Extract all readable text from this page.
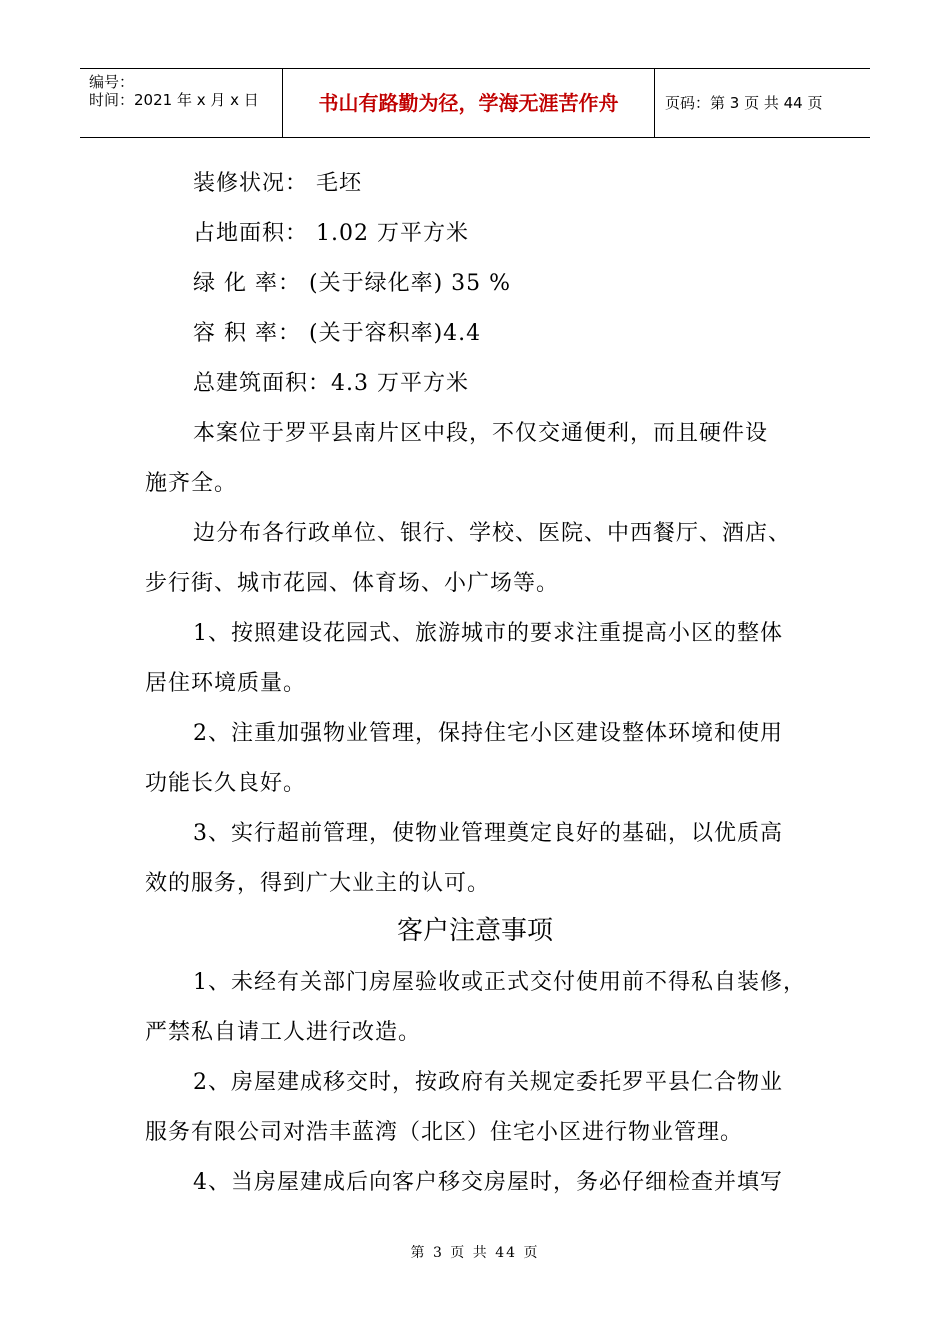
编号：
时间：2021 年 x 月 x 日	书山有路勤为径，学海无涯苦作舟	页码：第 3 页 共 44 页
装修状况： 毛坯
占地面积： 1.02 万平方米
绿 化 率： (关于绿化率) 35 %
容 积 率： (关于容积率)4.4
总建筑面积：4.3 万平方米
本案位于罗平县南片区中段，不仅交通便利，而且硬件设
施齐全。
边分布各行政单位、银行、学校、医院、中西餐厅、酒店、
步行街、城市花园、体育场、小广场等。
1、按照建设花园式、旅游城市的要求注重提高小区的整体
居住环境质量。
2、注重加强物业管理，保持住宅小区建设整体环境和使用
功能长久良好。
3、实行超前管理，使物业管理奠定良好的基础，以优质高
效的服务，得到广大业主的认可。
客户注意事项
1、未经有关部门房屋验收或正式交付使用前不得私自装修，
严禁私自请工人进行改造。
2、房屋建成移交时，按政府有关规定委托罗平县仁合物业
服务有限公司对浩丰蓝湾（北区）住宅小区进行物业管理。
4、当房屋建成后向客户移交房屋时，务必仔细检查并填写
第 3 页 共 44 页
